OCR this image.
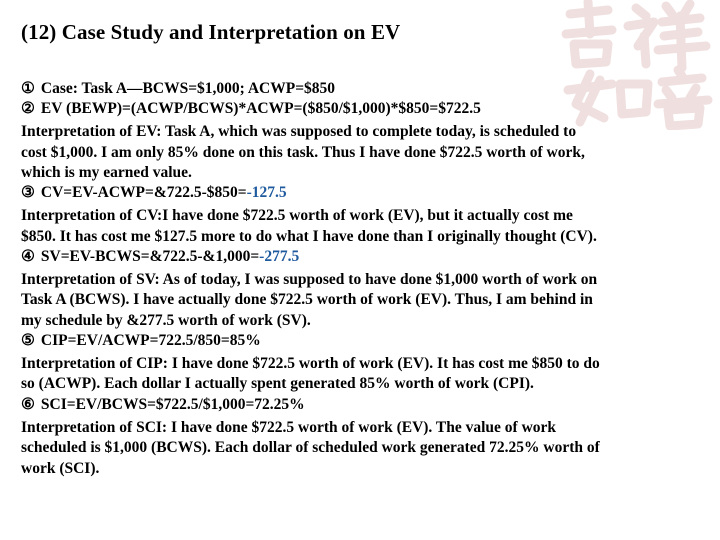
(12) Case Study and Interpretation on EV
① Case: Task A—BCWS=$1,000; ACWP=$850
② EV (BEWP)=(ACWP/BCWS)*ACWP=($850/$1,000)*$850=$722.5
Interpretation of EV: Task A, which was supposed to complete today, is scheduled to
cost $1,000. I am only 85% done on this task. Thus I have done $722.5 worth of work,
which is my earned value.
③ CV=EV-ACWP=&722.5-$850=-127.5
Interpretation of CV:I have done $722.5 worth of work (EV), but it actually cost me
$850. It has cost me $127.5 more to do what I have done than I originally thought (CV).
④ SV=EV-BCWS=&722.5-&1,000=-277.5
Interpretation of SV: As of today, I was supposed to have done $1,000 worth of work on
Task A (BCWS). I have actually done $722.5 worth of work (EV). Thus, I am behind in
my schedule by &277.5 worth of work (SV).
⑤ CIP=EV/ACWP=722.5/850=85%
Interpretation of CIP: I have done $722.5 worth of work (EV). It has cost me $850 to do
so (ACWP). Each dollar I actually spent generated 85% worth of work (CPI).
⑥ SCI=EV/BCWS=$722.5/$1,000=72.25%
Interpretation of SCI: I have done $722.5 worth of work (EV). The value of work
scheduled is $1,000 (BCWS). Each dollar of scheduled work generated 72.25% worth of
work (SCI).
